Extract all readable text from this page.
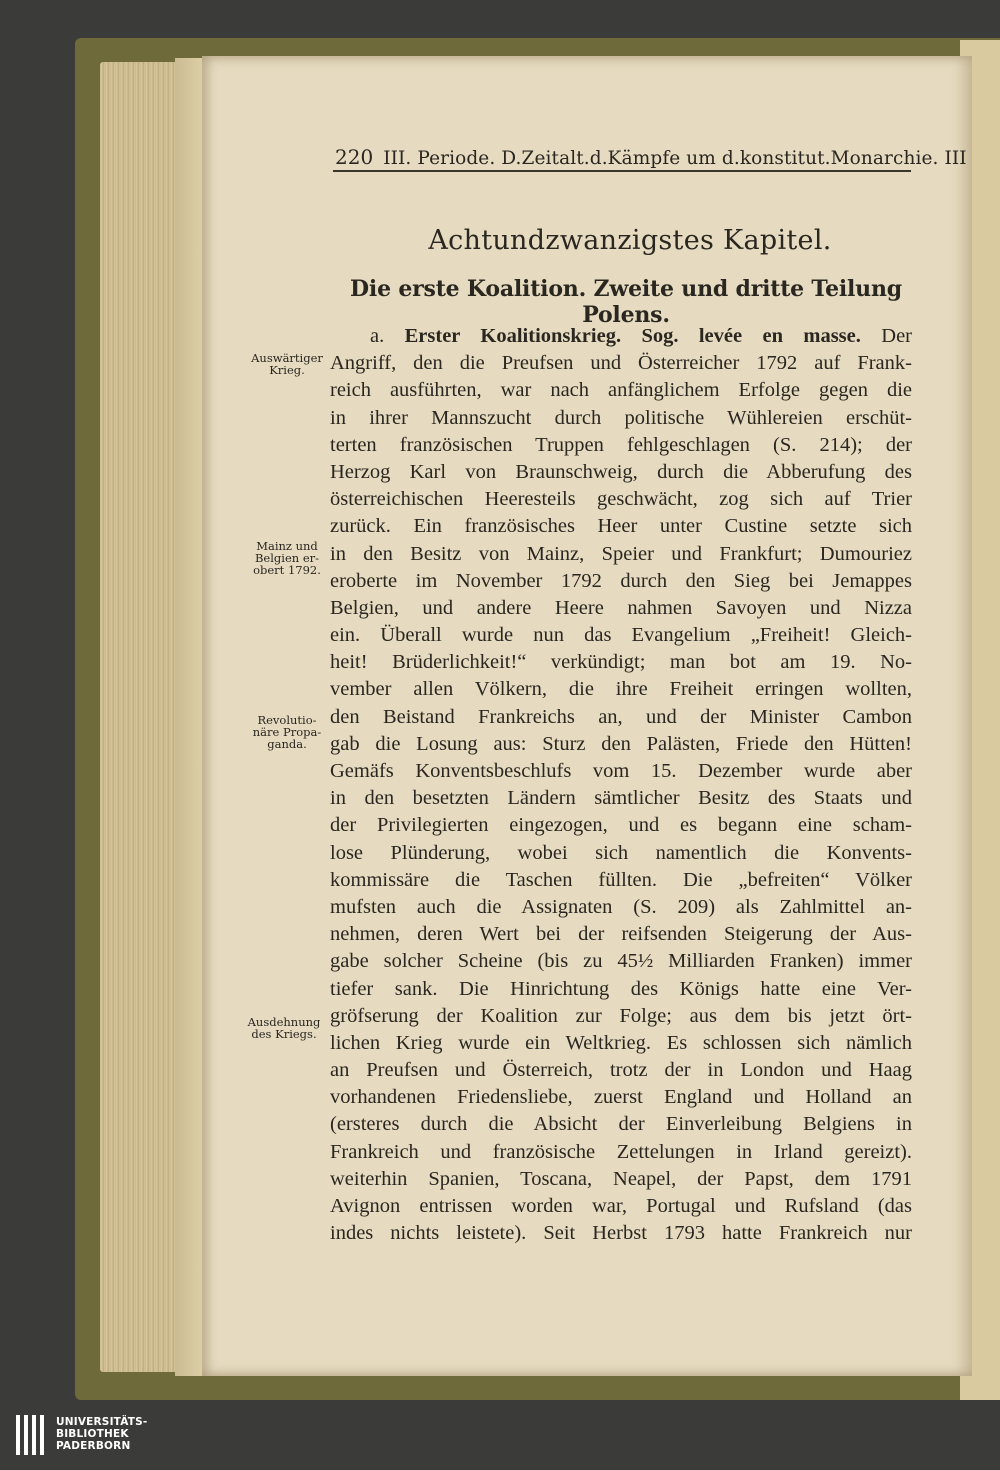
220 III. Periode. D.Zeitalt.d.Kämpfe um d.konstitut.Monarchie. III
Achtundzwanzigstes Kapitel.
Die erste Koalition. Zweite und dritte Teilung Polens.
a. Erster Koalitionskrieg. Sog. levée en masse. Der
Angriff, den die Preufsen und Österreicher 1792 auf Frank-
reich ausführten, war nach anfänglichem Erfolge gegen die
in ihrer Mannszucht durch politische Wühlereien erschüt-
terten französischen Truppen fehlgeschlagen (S. 214); der
Herzog Karl von Braunschweig, durch die Abberufung des
österreichischen Heeresteils geschwächt, zog sich auf Trier
zurück. Ein französisches Heer unter Custine setzte sich
in den Besitz von Mainz, Speier und Frankfurt; Dumouriez
eroberte im November 1792 durch den Sieg bei Jemappes
Belgien, und andere Heere nahmen Savoyen und Nizza
ein. Überall wurde nun das Evangelium „Freiheit! Gleich-
heit! Brüderlichkeit!“ verkündigt; man bot am 19. No-
vember allen Völkern, die ihre Freiheit erringen wollten,
den Beistand Frankreichs an, und der Minister Cambon
gab die Losung aus: Sturz den Palästen, Friede den Hütten!
Gemäfs Konventsbeschlufs vom 15. Dezember wurde aber
in den besetzten Ländern sämtlicher Besitz des Staats und
der Privilegierten eingezogen, und es begann eine scham-
lose Plünderung, wobei sich namentlich die Konvents-
kommissäre die Taschen füllten. Die „befreiten“ Völker
mufsten auch die Assignaten (S. 209) als Zahlmittel an-
nehmen, deren Wert bei der reifsenden Steigerung der Aus-
gabe solcher Scheine (bis zu 45½ Milliarden Franken) immer
tiefer sank. Die Hinrichtung des Königs hatte eine Ver-
gröfserung der Koalition zur Folge; aus dem bis jetzt ört-
lichen Krieg wurde ein Weltkrieg. Es schlossen sich nämlich
an Preufsen und Österreich, trotz der in London und Haag
vorhandenen Friedensliebe, zuerst England und Holland an
(ersteres durch die Absicht der Einverleibung Belgiens in
Frankreich und französische Zettelungen in Irland gereizt).
weiterhin Spanien, Toscana, Neapel, der Papst, dem 1791
Avignon entrissen worden war, Portugal und Rufsland (das
indes nichts leistete). Seit Herbst 1793 hatte Frankreich nur
Auswärtiger
Krieg.
Mainz und
Belgien er-
obert 1792.
Revolutio-
näre Propa-
ganda.
Ausdehnung
des Kriegs.
UNIVERSITÄTS-
BIBLIOTHEK
PADERBORN
